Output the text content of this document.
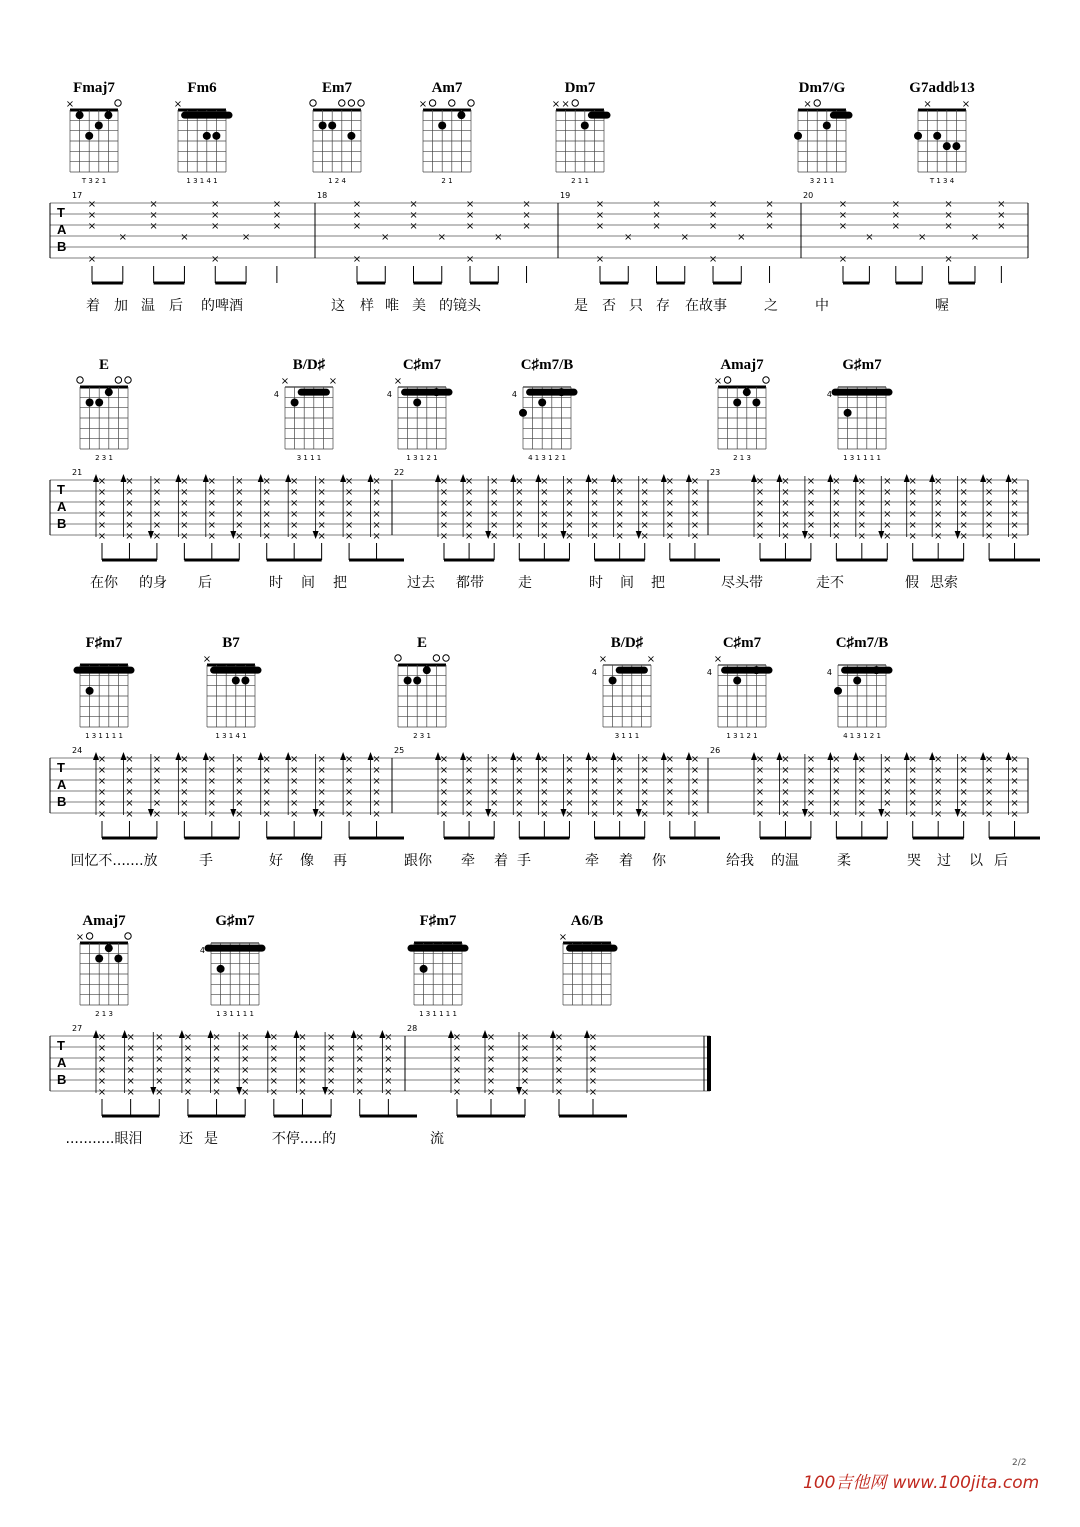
Fmaj7
×
T 3 2 1
Fm6
×
1 3 1 4 1
Em7
1 2 4
Am7
×
2 1
Dm7
× ×
2 1 1
Dm7/G
×
3 2 1 1
G7add♭13
×	×
T 1 3 4
T
A
B
17	18	19	20
×
×
×
×
×
×
×
×
×
×
×
×
×
×
×
×
×
×
×
×
×
×
×
×
×
×
×
×
×
×
×
×
×
×
×
×
×
×
×
×
×
×
×
×
×
×
×
×
×
×
×
×
×
×
×
×
×
×
×
×
×
×
×
×
×
×
×
×
着 加 温 后 的啤酒	这 样 唯 美 的镜头	是 否 只 存 在故事	之	中	喔
E
2 3 1
B/D♯
×	×
4
3 1 1 1
C♯m7
×
4
1 3 1 2 1
C♯m7/B
4
4 1 3 1 2 1
Amaj7
×
2 1 3
G♯m7
4
1 3 1 1 1 1
T
A
B
21	22	23
×
×
×
×
×
×
×
×
×
×
×
×
×
×
×
×
×
×
×
×
×
×
×
×
×
×
×
×
×
×
×
×
×
×
×
×
×
×
×
×
×
×
×
×
×
×
×
×
×
×
×
×
×
×
×
×
×
×
×
×
×
×
×
×
×
×
×
×
×
×
×
×
×
×
×
×
×
×
×
×
×
×
×
×
×
×
×
×
×
×
×
×
×
×
×
×
×
×
×
×
×
×
×
×
×
×
×
×
×
×
×
×
×
×
×
×
×
×
×
×
×
×
×
×
×
×
×
×
×
×
×
×
×
×
×
×
×
×
×
×
×
×
×
×
×
×
×
×
×
×
×
×
×
×
×
×
×
×
×
×
×
×
×
×
×
×
×
×
×
×
×
×
×
×
×
×
×
×
×
×
×
×
×
×
×
×
×
×
×
×
×
×
×
×
×
×
×
×
在你 的身 后	时 间 把	过去 都带 走	时 间 把	尽头带	走不	假 思索
F♯m7
1 3 1 1 1 1
B7
×
1 3 1 4 1
E
2 3 1
B/D♯
×	×
4
3 1 1 1
C♯m7
×
4
1 3 1 2 1
C♯m7/B
4
4 1 3 1 2 1
T
A
B
24	25	26
×
×
×
×
×
×
×
×
×
×
×
×
×
×
×
×
×
×
×
×
×
×
×
×
×
×
×
×
×
×
×
×
×
×
×
×
×
×
×
×
×
×
×
×
×
×
×
×
×
×
×
×
×
×
×
×
×
×
×
×
×
×
×
×
×
×
×
×
×
×
×
×
×
×
×
×
×
×
×
×
×
×
×
×
×
×
×
×
×
×
×
×
×
×
×
×
×
×
×
×
×
×
×
×
×
×
×
×
×
×
×
×
×
×
×
×
×
×
×
×
×
×
×
×
×
×
×
×
×
×
×
×
×
×
×
×
×
×
×
×
×
×
×
×
×
×
×
×
×
×
×
×
×
×
×
×
×
×
×
×
×
×
×
×
×
×
×
×
×
×
×
×
×
×
×
×
×
×
×
×
×
×
×
×
×
×
×
×
×
×
×
×
×
×
×
×
×
×
回忆不.......放	手	好 像 再	跟你 牵 着 手	牵 着 你	给我 的温	柔	哭 过 以 后
Amaj7
×
2 1 3
G♯m7
4
1 3 1 1 1 1
F♯m7
1 3 1 1 1 1
A6/B
×
T
A
B
27	28
×
×
×
×
×
×
×
×
×
×
×
×
×
×
×
×
×
×
×
×
×
×
×
×
×
×
×
×
×
×
×
×
×
×
×
×
×
×
×
×
×
×
×
×
×
×
×
×
×
×
×
×
×
×
×
×
×
×
×
×
×
×
×
×
×
×
×
×
×
×
×
×
×
×
×
×
×
×
×
×
×
×
×
×
×
×
×
×
×
×
×
×
×
×
×
×
...........眼泪	还 是	不停.....的	流
2/2
100吉他网 www.100jita.com
